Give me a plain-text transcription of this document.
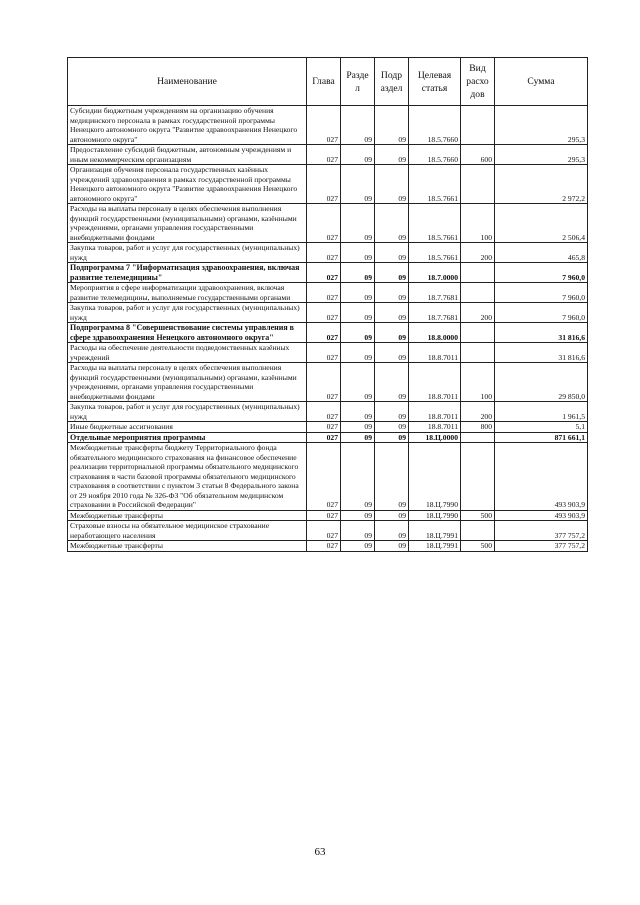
Наименование	Глава	Разде л	Подр аздел	Целевая статья	Вид расхо дов	Сумма
Субсидии бюджетным учреждениям на организацию обучения медицинского персонала в рамках государственной программы Ненецкого автономного округа "Развитие здравоохранения Ненецкого автономного округа"	027	09	09	18.5.7660		295,3
Предоставление субсидий бюджетным, автономным учреждениям и иным некоммерческим организациям	027	09	09	18.5.7660	600	295,3
Организация обучения персонала государственных казённых учреждений здравоохранения в рамках государственной программы Ненецкого автономного округа "Развитие здравоохранения Ненецкого автономного округа"	027	09	09	18.5.7661		2 972,2
Расходы на выплаты персоналу в целях обеспечения выполнения функций государственными (муниципальными) органами, казёнными учреждениями, органами управления государственными внебюджетными фондами	027	09	09	18.5.7661	100	2 506,4
Закупка товаров, работ и услуг для государственных (муниципальных) нужд	027	09	09	18.5.7661	200	465,8
Подпрограмма 7 "Информатизация здравоохранения, включая развитие телемедицины"	027	09	09	18.7.0000		7 960,0
Мероприятия в сфере информатизации здравоохранения, включая развитие телемедицины, выполняемые государственными органами	027	09	09	18.7.7681		7 960,0
Закупка товаров, работ и услуг для государственных (муниципальных) нужд	027	09	09	18.7.7681	200	7 960,0
Подпрограмма 8 "Совершенствование системы управления в сфере здравоохранения Ненецкого автономного округа"	027	09	09	18.8.0000		31 816,6
Расходы на обеспечение деятельности подведомственных казённых учреждений	027	09	09	18.8.7011		31 816,6
Расходы на выплаты персоналу в целях обеспечения выполнения функций государственными (муниципальными) органами, казёнными учреждениями, органами управления государственными внебюджетными фондами	027	09	09	18.8.7011	100	29 850,0
Закупка товаров, работ и услуг для государственных (муниципальных) нужд	027	09	09	18.8.7011	200	1 961,5
Иные бюджетные ассигнования	027	09	09	18.8.7011	800	5,1
Отдельные мероприятия программы	027	09	09	18.Ц.0000		871 661,1
Межбюджетные трансферты бюджету Территориального фонда обязательного медицинского страхования на финансовое обеспечение реализации территориальной программы обязательного медицинского страхования в части базовой программы обязательного медицинского страхования в соответствии с пунктом 3 статьи 8 Федерального закона от 29 ноября 2010 года № 326-ФЗ "Об обязательном медицинском страховании в Российской Федерации"	027	09	09	18.Ц.7990		493 903,9
Межбюджетные трансферты	027	09	09	18.Ц.7990	500	493 903,9
Страховые взносы на обязательное медицинское страхование неработающего населения	027	09	09	18.Ц.7991		377 757,2
Межбюджетные трансферты	027	09	09	18.Ц.7991	500	377 757,2
63
